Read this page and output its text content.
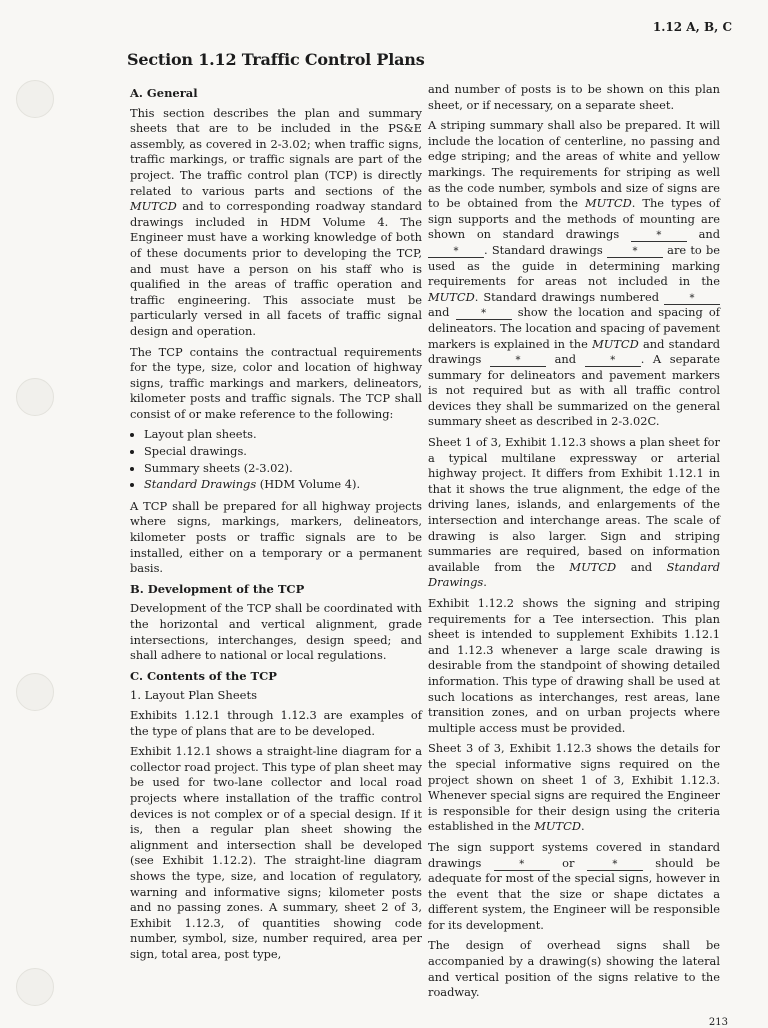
1.12 A, B, C
Section 1.12 Traffic Control Plans
A. General

This section describes the plan and summary sheets that are to be included in the PS&E assembly, as covered in 2-3.02; when traffic signs, traffic markings, or traffic signals are part of the project. The traffic control plan (TCP) is directly related to various parts and sections of the MUTCD and to corresponding roadway standard drawings included in HDM Volume 4. The Engineer must have a working knowledge of both of these documents prior to developing the TCP, and must have a person on his staff who is qualified in the areas of traffic operation and traffic engineering. This associate must be particularly versed in all facets of traffic signal design and operation.

The TCP contains the contractual requirements for the type, size, color and location of highway signs, traffic markings and markers, delineators, kilometer posts and traffic signals. The TCP shall consist of or make reference to the following:

• Layout plan sheets.
• Special drawings.
• Summary sheets (2-3.02).
• Standard Drawings (HDM Volume 4).

A TCP shall be prepared for all highway projects where signs, markings, markers, delineators, kilometer posts or traffic signals are to be installed, either on a temporary or a permanent basis.

B. Development of the TCP

Development of the TCP shall be coordinated with the horizontal and vertical alignment, grade intersections, interchanges, design speed; and shall adhere to national or local regulations.

C. Contents of the TCP
1. Layout Plan Sheets

Exhibits 1.12.1 through 1.12.3 are examples of the type of plans that are to be developed.

Exhibit 1.12.1 shows a straight-line diagram for a collector road project. This type of plan sheet may be used for two-lane collector and local road projects where installation of the traffic control devices is not complex or of a special design. If it is, then a regular plan sheet showing the alignment and intersection shall be developed (see Exhibit 1.12.2). The straight-line diagram shows the type, size, and location of regulatory, warning and informative signs; kilometer posts and no passing zones. A summary, sheet 2 of 3, Exhibit 1.12.3, of quantities showing code number, symbol, size, number required, area per sign, total area, post type,

and number of posts is to be shown on this plan sheet, or if necessary, on a separate sheet.

A striping summary shall also be prepared. It will include the location of centerline, no passing and edge striping; and the areas of white and yellow markings. The requirements for striping as well as the code number, symbols and size of signs are to be obtained from the MUTCD. The types of sign supports and the methods of mounting are shown on standard drawings	*	and * . Standard drawings	* are to be used as the guide in determining marking requirements for areas not included in the MUTCD. Standard drawings numbered	* and	*	show the location and spacing of delineators. The location and spacing of pavement markers is explained in the MUTCD and standard drawings	*	and	* . A separate summary for delineators and pavement markers is not required but as with all traffic control devices they shall be summarized on the general summary sheet as described in 2-3.02C.

Sheet 1 of 3, Exhibit 1.12.3 shows a plan sheet for a typical multilane expressway or arterial highway project. It differs from Exhibit 1.12.1 in that it shows the true alignment, the edge of the driving lanes, islands, and enlargements of the intersection and interchange areas. The scale of drawing is also larger. Sign and striping summaries are required, based on information available from the MUTCD and Standard Drawings.

Exhibit 1.12.2 shows the signing and striping requirements for a Tee intersection. This plan sheet is intended to supplement Exhibits 1.12.1 and 1.12.3 whenever a large scale drawing is desirable from the standpoint of showing detailed information. This type of drawing shall be used at such locations as interchanges, rest areas, lane transition zones, and on urban projects where multiple access must be provided.

Sheet 3 of 3, Exhibit 1.12.3 shows the details for the special informative signs required on the project shown on sheet 1 of 3, Exhibit 1.12.3. Whenever special signs are required the Engineer is responsible for their design using the criteria established in the MUTCD.

The sign support systems covered in standard drawings	*	or	* should be adequate for most of the special signs, however in the event that the size or shape dictates a different system, the Engineer will be responsible for its development.

The design of overhead signs shall be accompanied by a drawing(s) showing the lateral and vertical position of the signs relative to the roadway.

213
